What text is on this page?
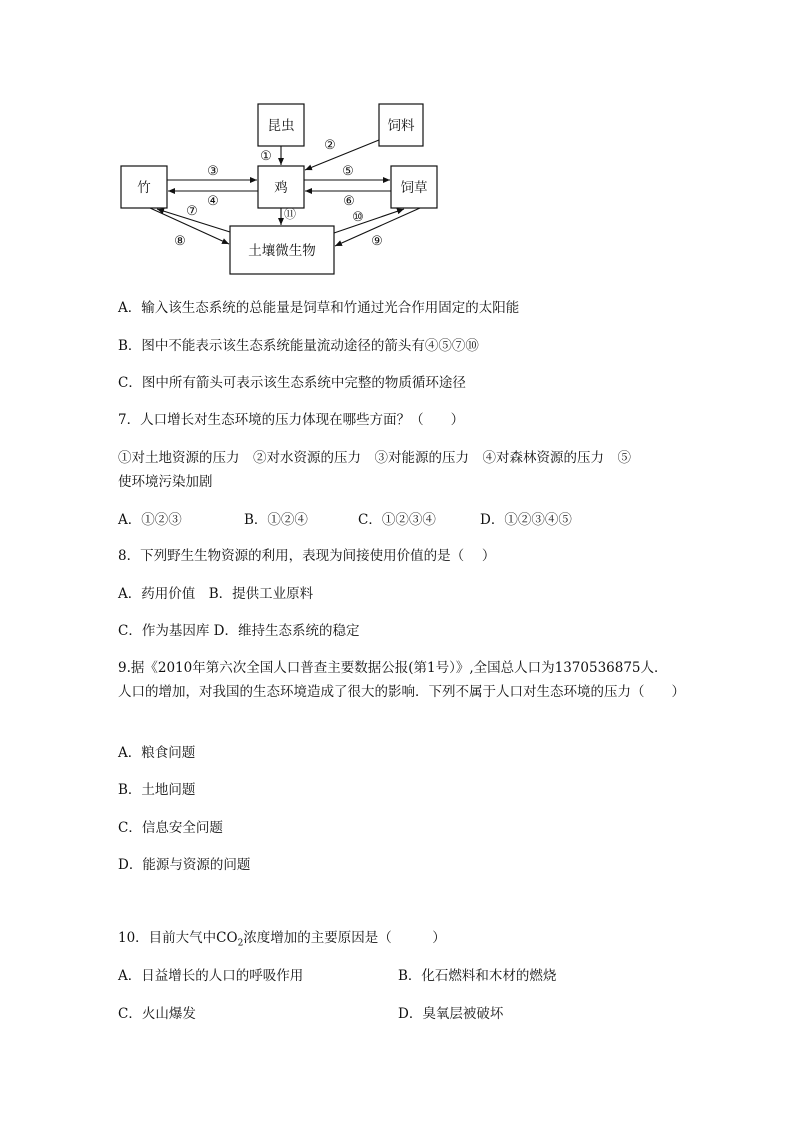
昆虫	饲料
竹	鸡	饲草
土壤微生物
①
②
③
④
⑤
⑥
⑦
⑧	⑨
⑩
⑪
A．输入该生态系统的总能量是饲草和竹通过光合作用固定的太阳能
B．图中不能表示该生态系统能量流动途径的箭头有④⑤⑦⑩
C．图中所有箭头可表示该生态系统中完整的物质循环途径
7．人口增长对生态环境的压力体现在哪些方面？（　　）
①对土地资源的压力　②对水资源的压力　③对能源的压力　④对森林资源的压力　⑤
使环境污染加剧
A．①②③	B．①②④	C．①②③④	D．①②③④⑤
8．下列野生生物资源的利用，表现为间接使用价值的是（　 ）
A．药用价值　B．提供工业原料
C．作为基因库 D．维持生态系统的稳定
9.据《2010年第六次全国人口普查主要数据公报(第1号）》,全国总人口为1370536875人．人口的增加，对我国的生态环境造成了很大的影响．下列不属于人口对生态环境的压力（　　）
A．粮食问题
B．土地问题
C．信息安全问题
D．能源与资源的问题
10．目前大气中$CO_2$浓度增加的主要原因是（　　　）
A．日益增长的人口的呼吸作用	B．化石燃料和木材的燃烧
C．火山爆发	D．臭氧层被破坏
